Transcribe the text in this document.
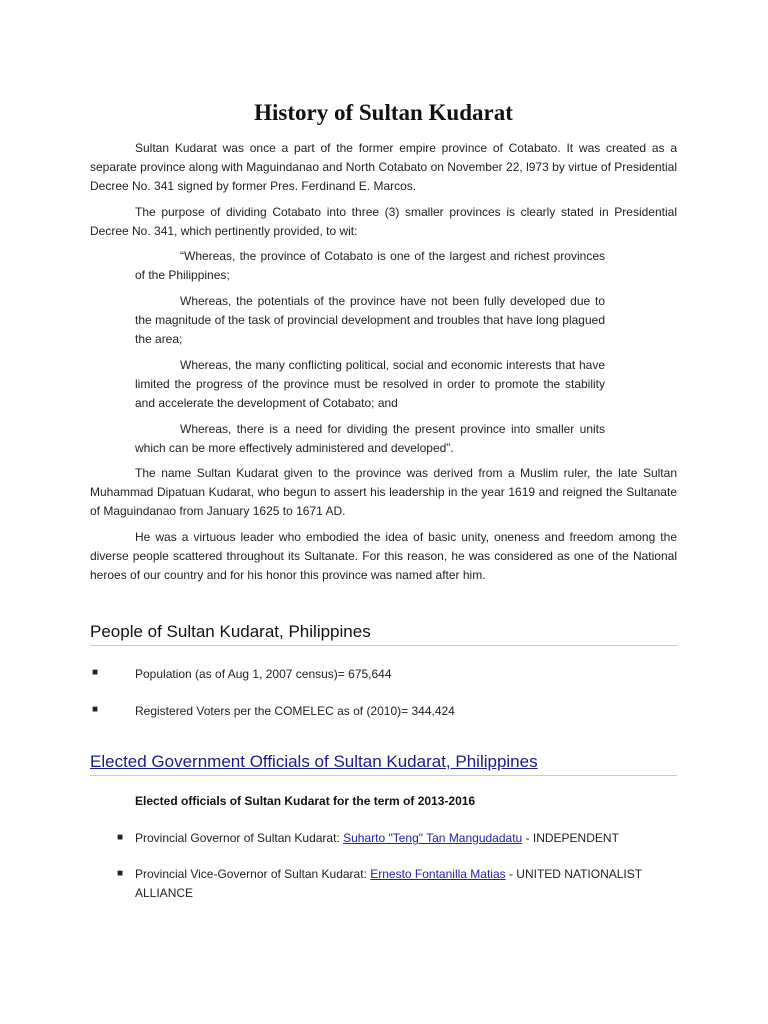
History of Sultan Kudarat

Sultan Kudarat was once a part of the former empire province of Cotabato. It was created as a separate province along with Maguindanao and North Cotabato on November 22, l973 by virtue of Presidential Decree No. 341 signed by former Pres. Ferdinand E. Marcos.

The purpose of dividing Cotabato into three (3) smaller provinces is clearly stated in Presidential Decree No. 341, which pertinently provided, to wit:

“Whereas, the province of Cotabato is one of the largest and richest provinces of the Philippines;

Whereas, the potentials of the province have not been fully developed due to the magnitude of the task of provincial development and troubles that have long plagued the area;

Whereas, the many conflicting political, social and economic interests that have limited the progress of the province must be resolved in order to promote the stability and accelerate the development of Cotabato; and

Whereas, there is a need for dividing the present province into smaller units which can be more effectively administered and developed”.

The name Sultan Kudarat given to the province was derived from a Muslim ruler, the late Sultan Muhammad Dipatuan Kudarat, who begun to assert his leadership in the year 1619 and reigned the Sultanate of Maguindanao from January 1625 to 1671 AD.

He was a virtuous leader who embodied the idea of basic unity, oneness and freedom among the diverse people scattered throughout its Sultanate. For this reason, he was considered as one of the National heroes of our country and for his honor this province was named after him.

People of Sultan Kudarat, Philippines
■	Population (as of Aug 1, 2007 census)= 675,644

■	Registered Voters per the COMELEC as of (2010)= 344,424

Elected Government Officials of Sultan Kudarat, Philippines

Elected officials of Sultan Kudarat for the term of 2013-2016

■ Provincial Governor of Sultan Kudarat: Suharto "Teng" Tan Mangudadatu - INDEPENDENT

■ Provincial Vice-Governor of Sultan Kudarat: Ernesto Fontanilla Matias - UNITED NATIONALIST ALLIANCE
